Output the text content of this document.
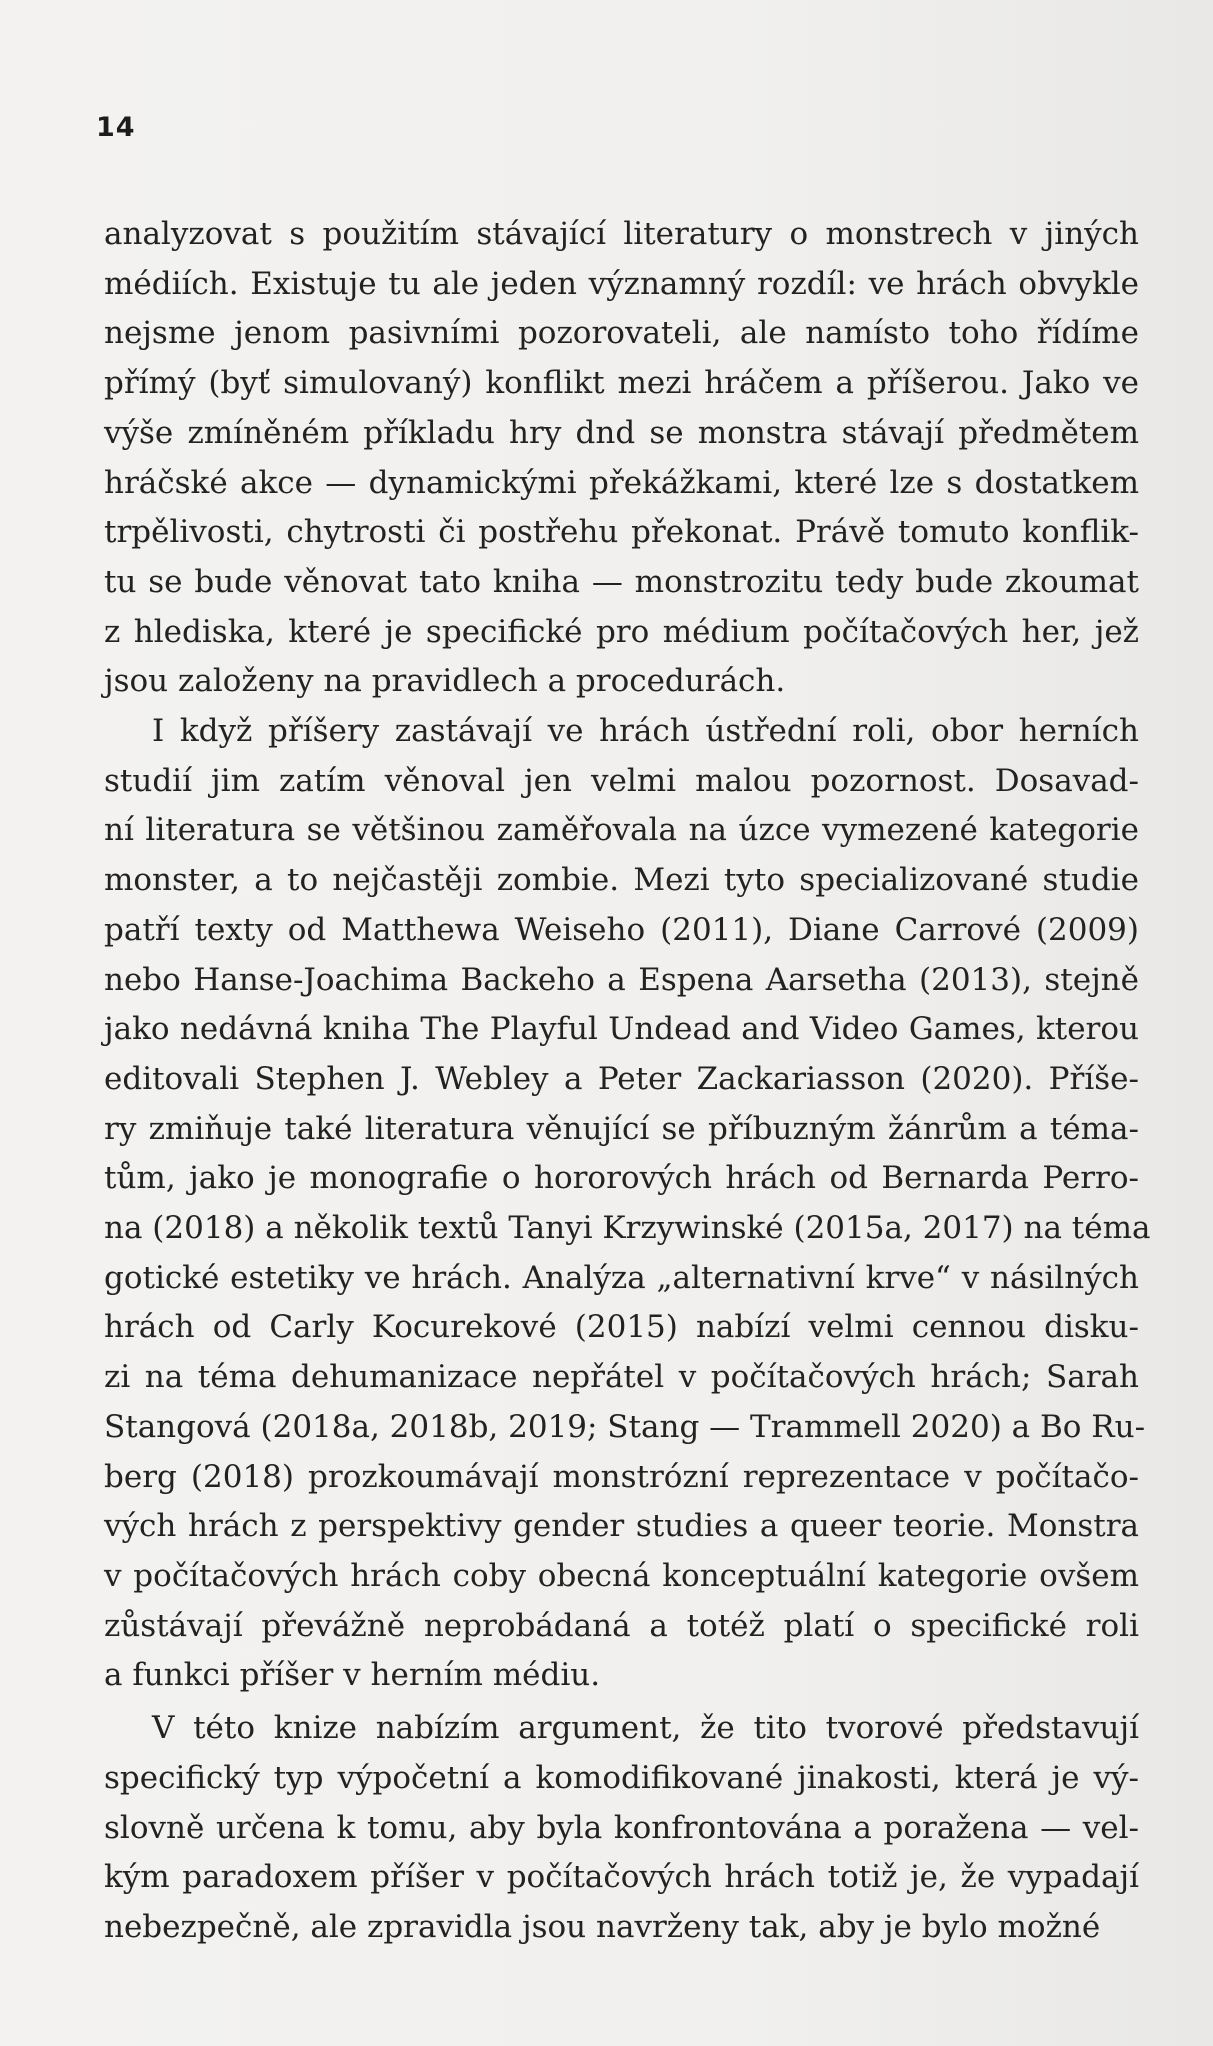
14
analyzovat s použitím stávající literatury o monstrech v jiných
médiích. Existuje tu ale jeden významný rozdíl: ve hrách obvykle
nejsme jenom pasivními pozorovateli, ale namísto toho řídíme
přímý (byť simulovaný) konflikt mezi hráčem a příšerou. Jako ve
výše zmíněném příkladu hry dnd se monstra stávají předmětem
hráčské akce — dynamickými překážkami, které lze s dostatkem
trpělivosti, chytrosti či postřehu překonat. Právě tomuto konflik-
tu se bude věnovat tato kniha — monstrozitu tedy bude zkoumat
z hlediska, které je specifické pro médium počítačových her, jež
jsou založeny na pravidlech a procedurách.
I když příšery zastávají ve hrách ústřední roli, obor herních
studií jim zatím věnoval jen velmi malou pozornost. Dosavad-
ní literatura se většinou zaměřovala na úzce vymezené kategorie
monster, a to nejčastěji zombie. Mezi tyto specializované studie
patří texty od Matthewa Weiseho (2011), Diane Carrové (2009)
nebo Hanse-Joachima Backeho a Espena Aarsetha (2013), stejně
jako nedávná kniha The Playful Undead and Video Games, kterou
editovali Stephen J. Webley a Peter Zackariasson (2020). Příše-
ry zmiňuje také literatura věnující se příbuzným žánrům a téma-
tům, jako je monografie o hororových hrách od Bernarda Perro-
na (2018) a několik textů Tanyi Krzywinské (2015a, 2017) na téma
gotické estetiky ve hrách. Analýza „alternativní krve“ v násilných
hrách od Carly Kocurekové (2015) nabízí velmi cennou disku-
zi na téma dehumanizace nepřátel v počítačových hrách; Sarah
Stangová (2018a, 2018b, 2019; Stang — Trammell 2020) a Bo Ru-
berg (2018) prozkoumávají monstrózní reprezentace v počítačo-
vých hrách z perspektivy gender studies a queer teorie. Monstra
v počítačových hrách coby obecná konceptuální kategorie ovšem
zůstávají převážně neprobádaná a totéž platí o specifické roli
a funkci příšer v herním médiu.
V této knize nabízím argument, že tito tvorové představují
specifický typ výpočetní a komodifikované jinakosti, která je vý-
slovně určena k tomu, aby byla konfrontována a poražena — vel-
kým paradoxem příšer v počítačových hrách totiž je, že vypadají
nebezpečně, ale zpravidla jsou navrženy tak, aby je bylo možné
